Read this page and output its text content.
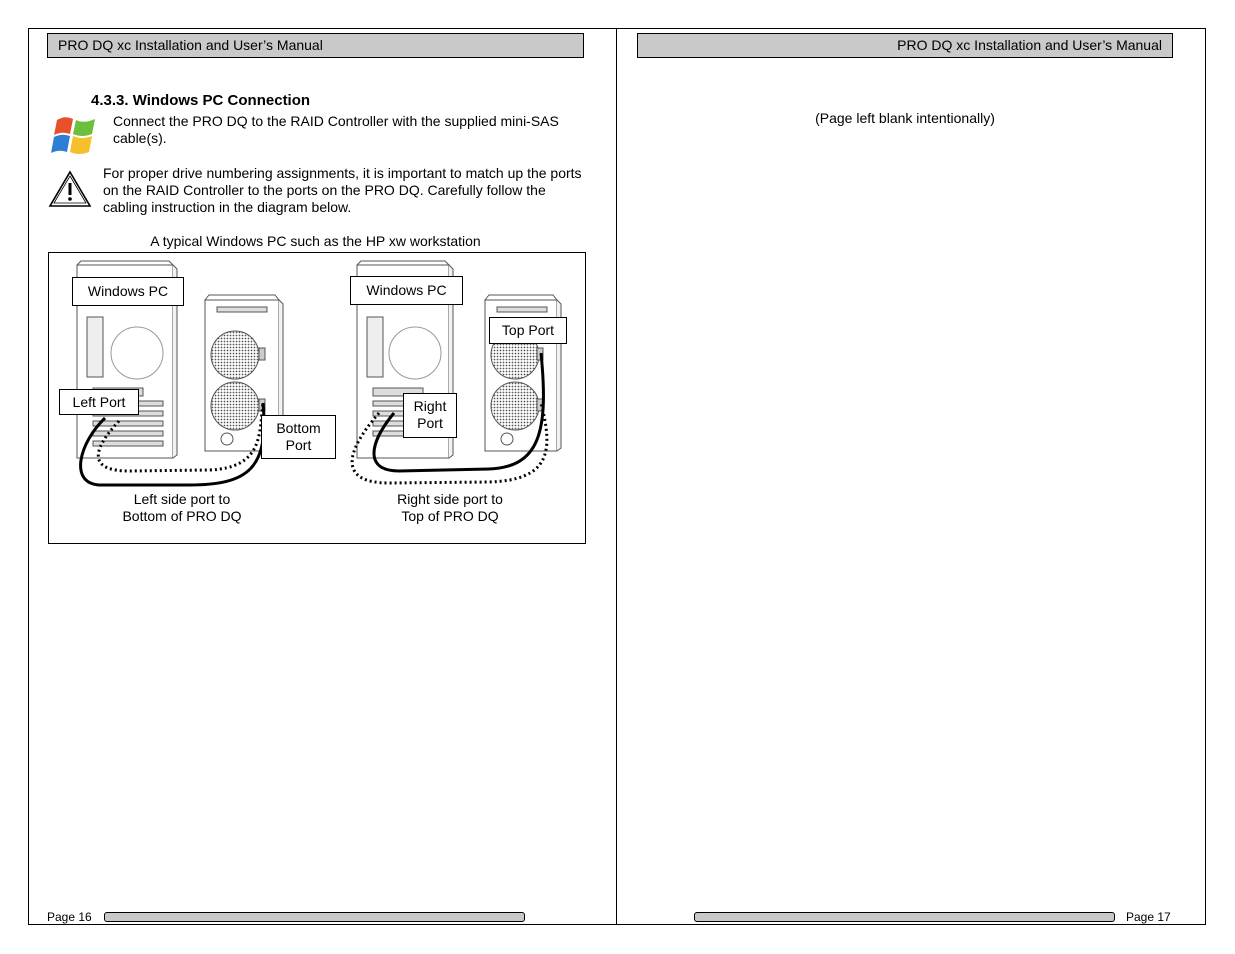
PRO DQ xc Installation and User’s Manual
4.3.3. Windows PC Connection
Connect the PRO DQ to the RAID Controller with the supplied mini-SAS cable(s).
For proper drive numbering assignments, it is important to match up the ports on the RAID Controller to the ports on the PRO DQ. Carefully follow the cabling instruction in the diagram below.
A typical Windows PC such as the HP xw workstation
Windows PC
Left Port
Bottom
Port
Left side port to
Bottom of PRO DQ
Windows PC
Top Port
Right
Port
Right side port to
Top of PRO DQ
Page 16
PRO DQ xc Installation and User’s Manual
(Page left blank intentionally)
Page 17
